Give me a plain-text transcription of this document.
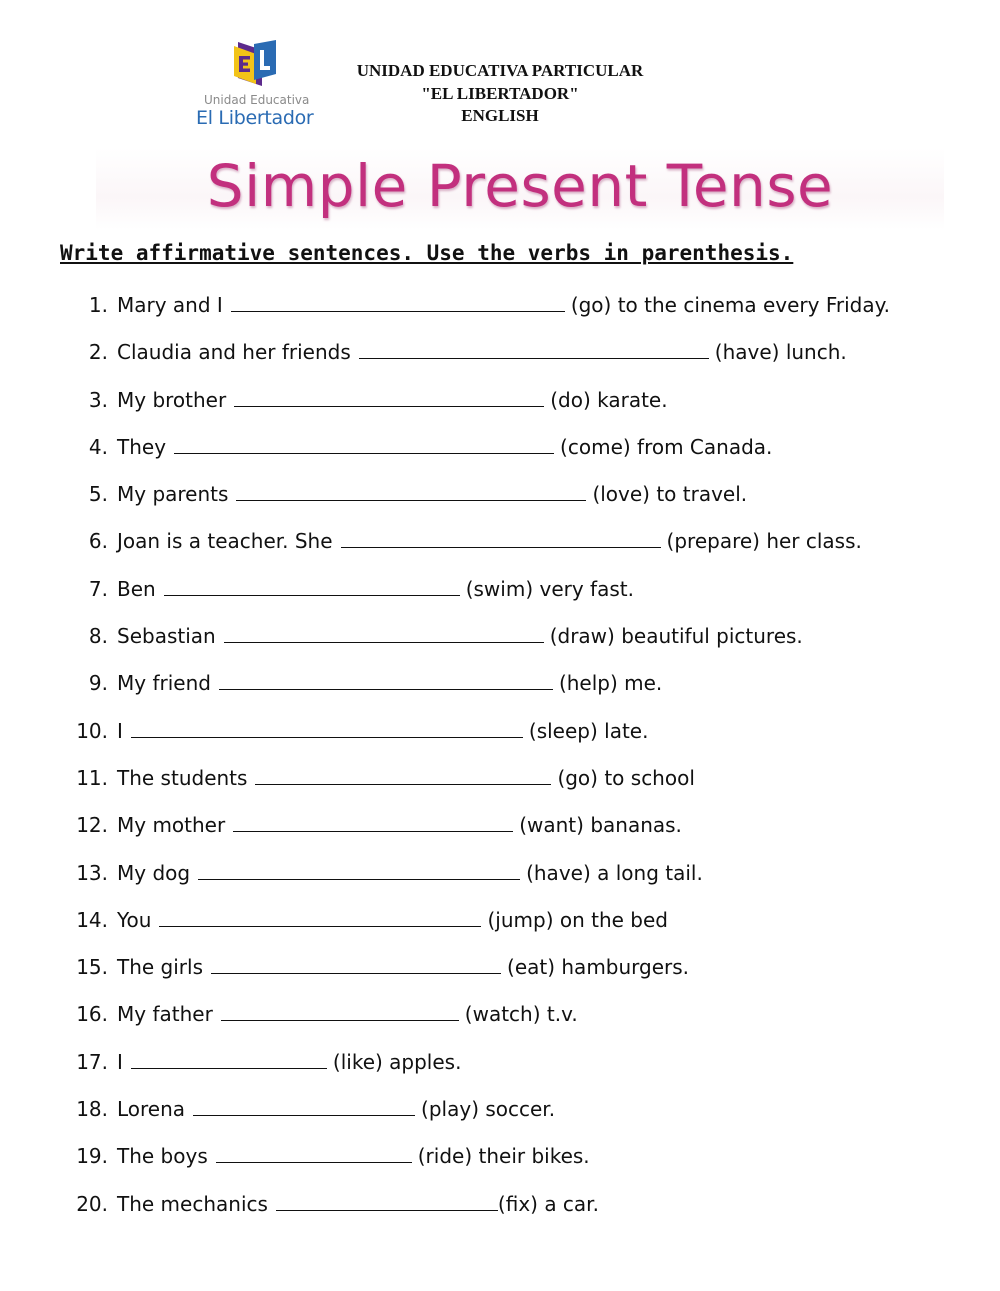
Unidad Educativa
El Libertador
UNIDAD EDUCATIVA PARTICULAR
"EL LIBERTADOR"
ENGLISH
Simple Present Tense
Write affirmative sentences. Use the verbs in parenthesis.
1. Mary and I	(go) to the cinema every Friday.
2. Claudia and her friends	(have) lunch.
3. My brother	(do) karate.
4. They	(come) from Canada.
5. My parents	(love) to travel.
6. Joan is a teacher. She	(prepare) her class.
7. Ben	(swim) very fast.
8. Sebastian	(draw) beautiful pictures.
9. My friend	(help) me.
10. I	(sleep) late.
11. The students	(go) to school
12. My mother	(want) bananas.
13. My dog	(have) a long tail.
14. You	(jump) on the bed
15. The girls	(eat) hamburgers.
16. My father	(watch) t.v.
17. I	(like) apples.
18. Lorena	(play) soccer.
19. The boys	(ride) their bikes.
20. The mechanics	(fix) a car.
